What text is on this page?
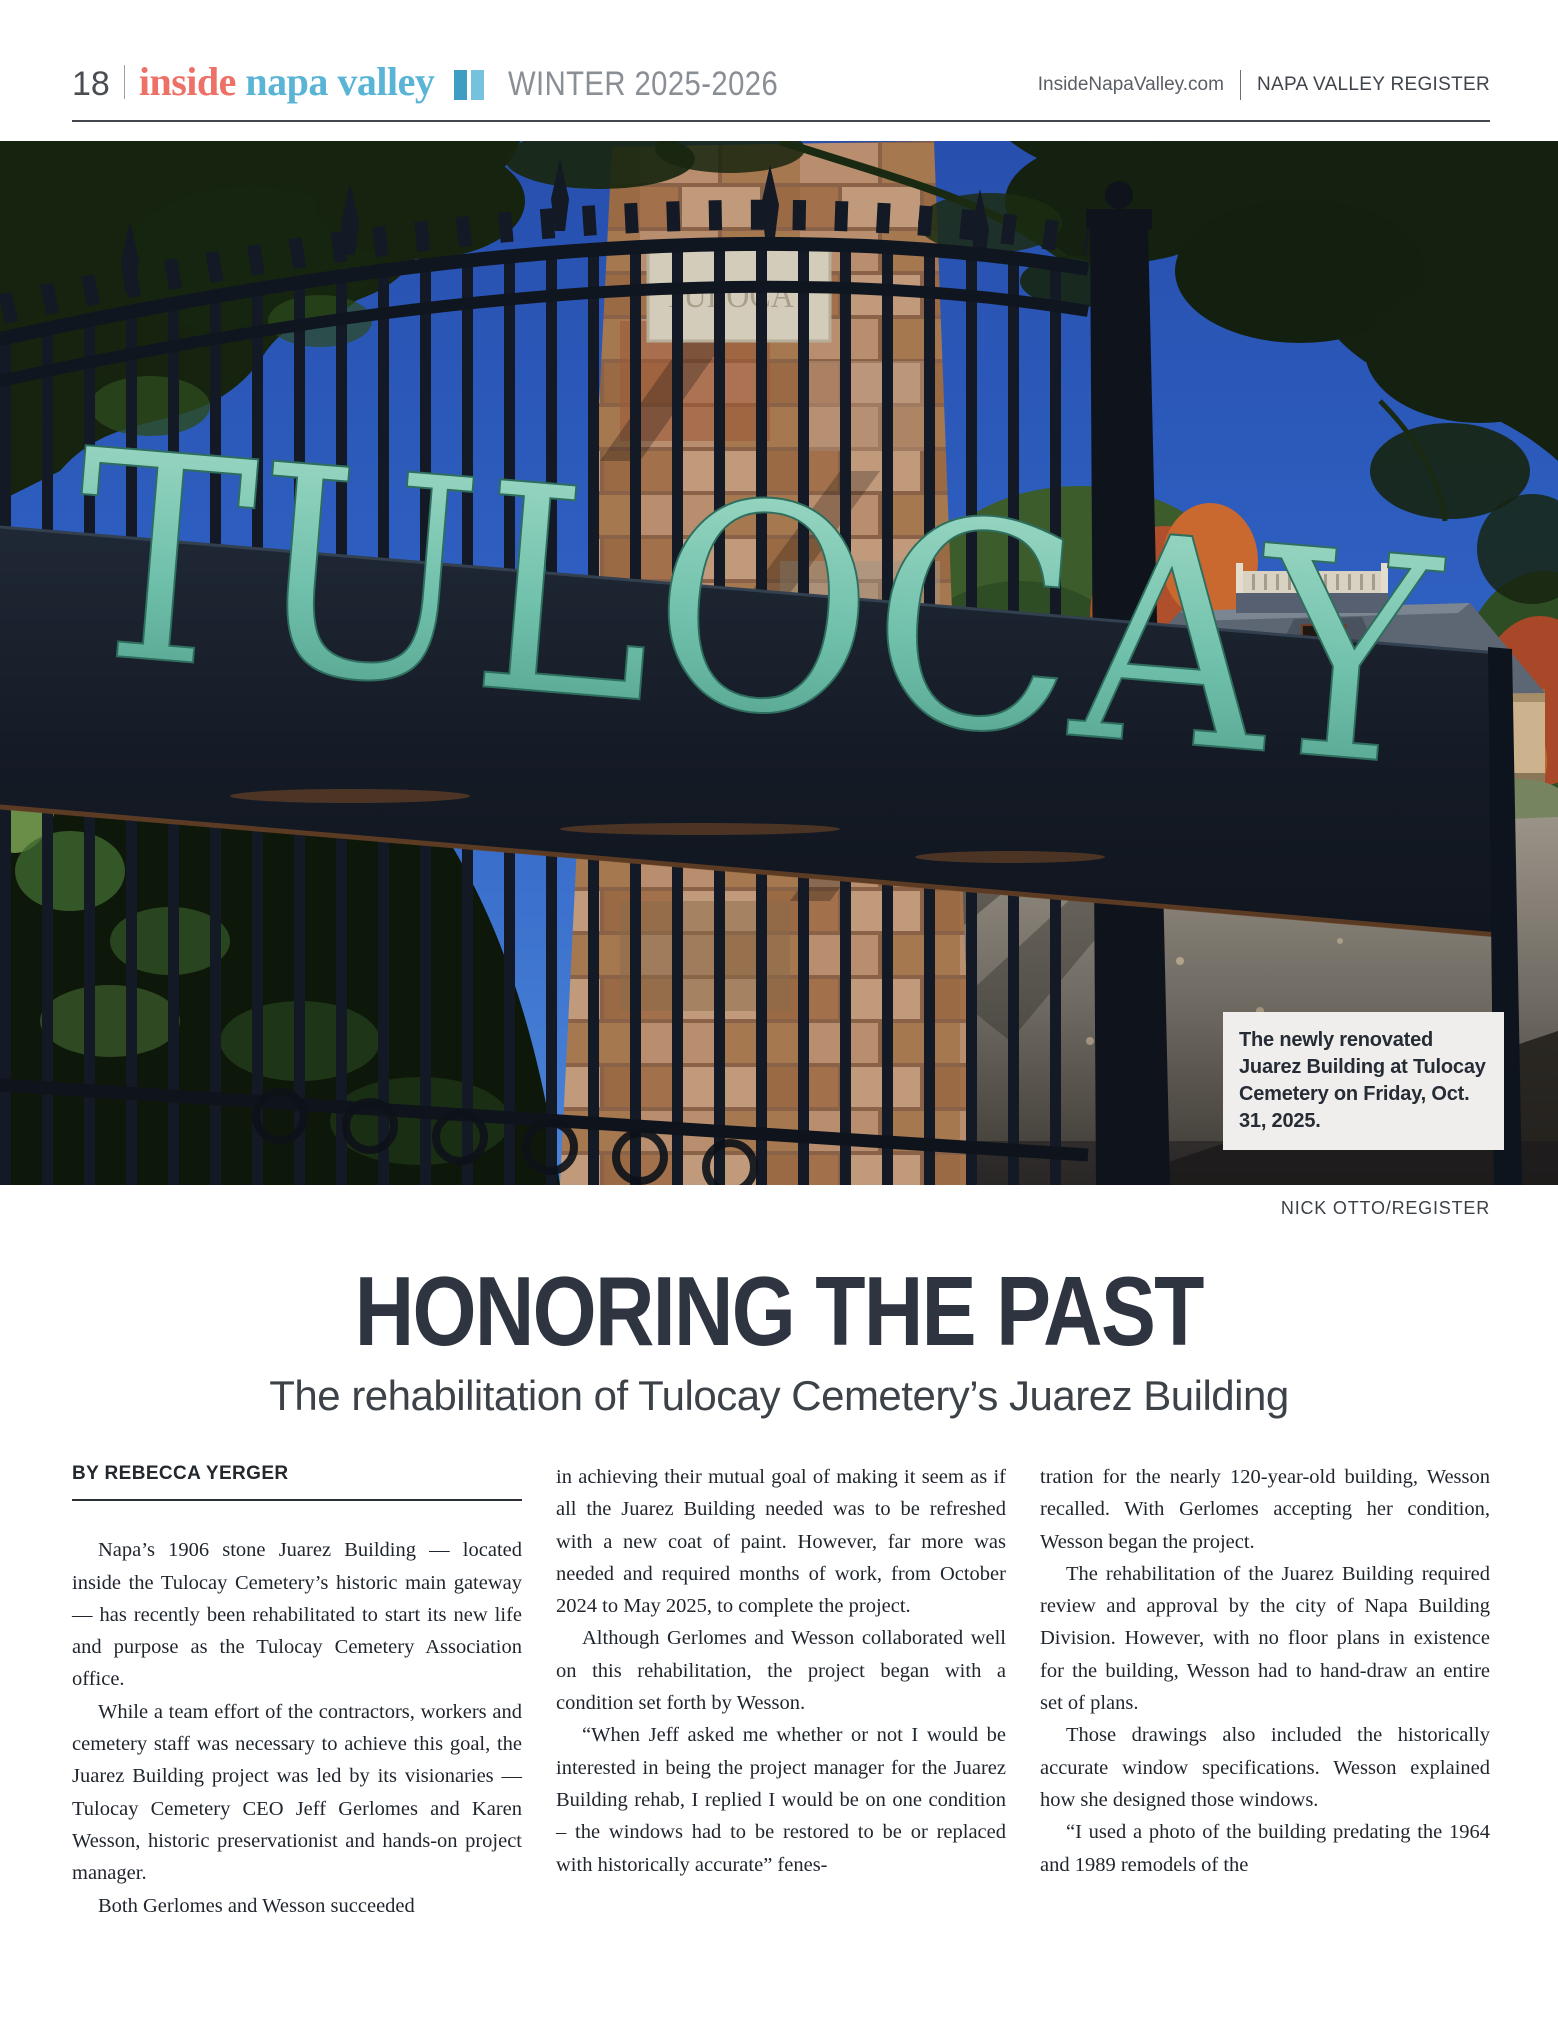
18 inside napa valley WINTER 2025-2026	InsideNapaValley.com NAPA VALLEY REGISTER
TULOCAY
The newly renovated Juarez Building at Tulocay Cemetery on Friday, Oct. 31, 2025.
NICK OTTO/REGISTER
HONORING THE PAST
The rehabilitation of Tulocay Cemetery’s Juarez Building
BY REBECCA YERGER

Napa’s 1906 stone Juarez Building — located inside the Tulocay Cemetery’s historic main gateway — has recently been rehabilitated to start its new life and purpose as the Tulocay Cemetery Association office.

While a team effort of the contractors, workers and cemetery staff was necessary to achieve this goal, the Juarez Building project was led by its visionaries — Tulocay Cemetery CEO Jeff Gerlomes and Karen Wesson, historic preservationist and hands-on project manager.

Both Gerlomes and Wesson succeeded

in achieving their mutual goal of making it seem as if all the Juarez Building needed was to be refreshed with a new coat of paint. However, far more was needed and required months of work, from October 2024 to May 2025, to complete the project.

Although Gerlomes and Wesson collaborated well on this rehabilitation, the project began with a condition set forth by Wesson.

“When Jeff asked me whether or not I would be interested in being the project manager for the Juarez Building rehab, I replied I would be on one condition – the windows had to be restored to be or replaced with historically accurate” fenes-

tration for the nearly 120-year-old building, Wesson recalled. With Gerlomes accepting her condition, Wesson began the project.

The rehabilitation of the Juarez Building required review and approval by the city of Napa Building Division. However, with no floor plans in existence for the building, Wesson had to hand-draw an entire set of plans.

Those drawings also included the historically accurate window specifications. Wesson explained how she designed those windows.

“I used a photo of the building predating the 1964 and 1989 remodels of the
